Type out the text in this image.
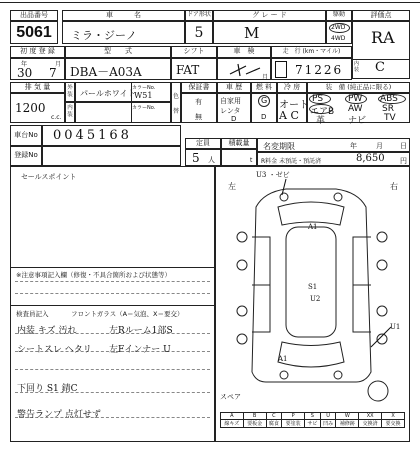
出品番号
5061
車　　　名
ミラ・ジーノ
ドア形状
5
グ レ ー ド
M
駆動
2WD
4WD
評価点
RA
内装 C
初 度 登 録
年	月
30 7
型　　式
DBA－A03A
シフト
FAT
車　検
月
走　行 (km・マイル)
71226
排 気 量
1200
c.c.
外装
内装
カラーNo.
パールホワイト
W51
カラーNo.
色
替
保証書
有
無
車 歴
自家用
レンタ
D
燃 料
G
D
冷 房
オート
A C
装　備 (純正品に限る)
PS	PW ABS
エアB AW SR
革	ナビ TV
車台No 0045168
登録No
定員
5 人
積載量
t
名変期限	年	月 日
R料金 未預託・預託済	8,650 円
セールスポイント
※注意事項記入欄（修復・不具合箇所および状態等）
検査員記入	フロントガラス（A＝気泡、X＝要交）
内装 キズ 汚れ	左Rルーム1部S
シートスレ ヘタリ 左Fインナー U
下回り S1 錆C
警告ランプ 点灯せず
左	右
U3 ・ゼビ
A1
S1
U2
A1
U1
スペア
A	B	C	P	S	U	W	XX	X
線キズ	要板金	腐食	要塗装	サビ	凹み	補修跡	交換済	要交換
